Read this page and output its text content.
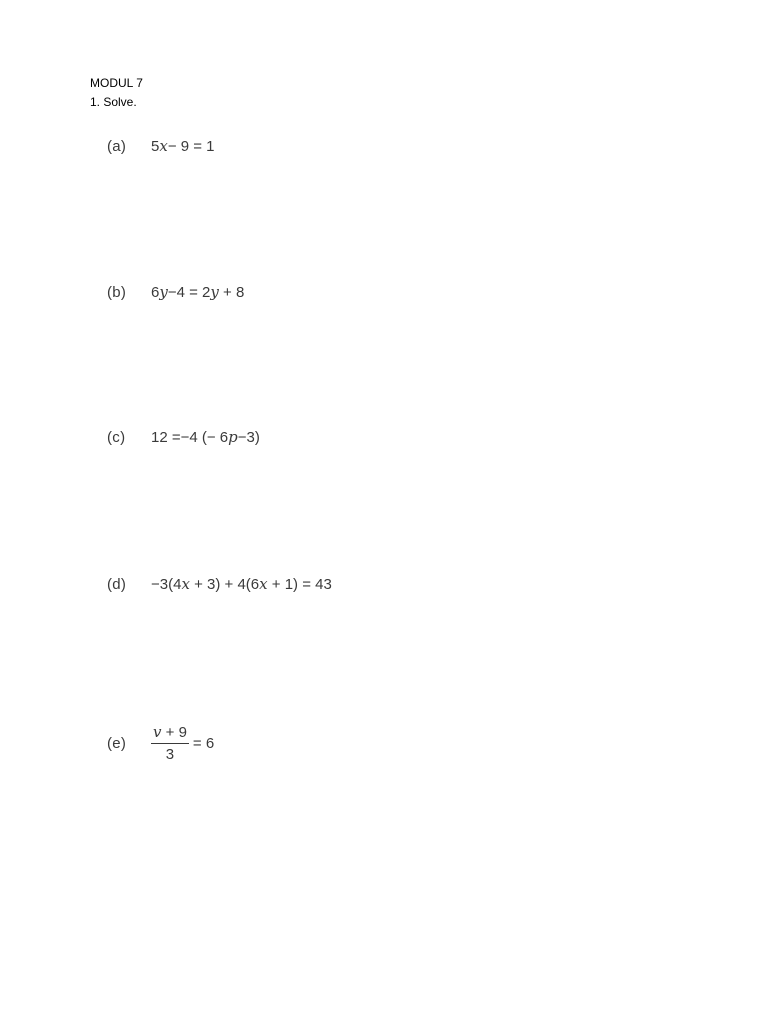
MODUL 7
1. Solve.
(a)	5 x − 9 = 1
(b)	6 y −4 = 2 y + 8
(c)	12 =−4 (− 6 p −3)
(d)	−3(4 x + 3) + 4(6 x + 1) = 43
(e)	$\frac{v + 9}{3} = 6$
